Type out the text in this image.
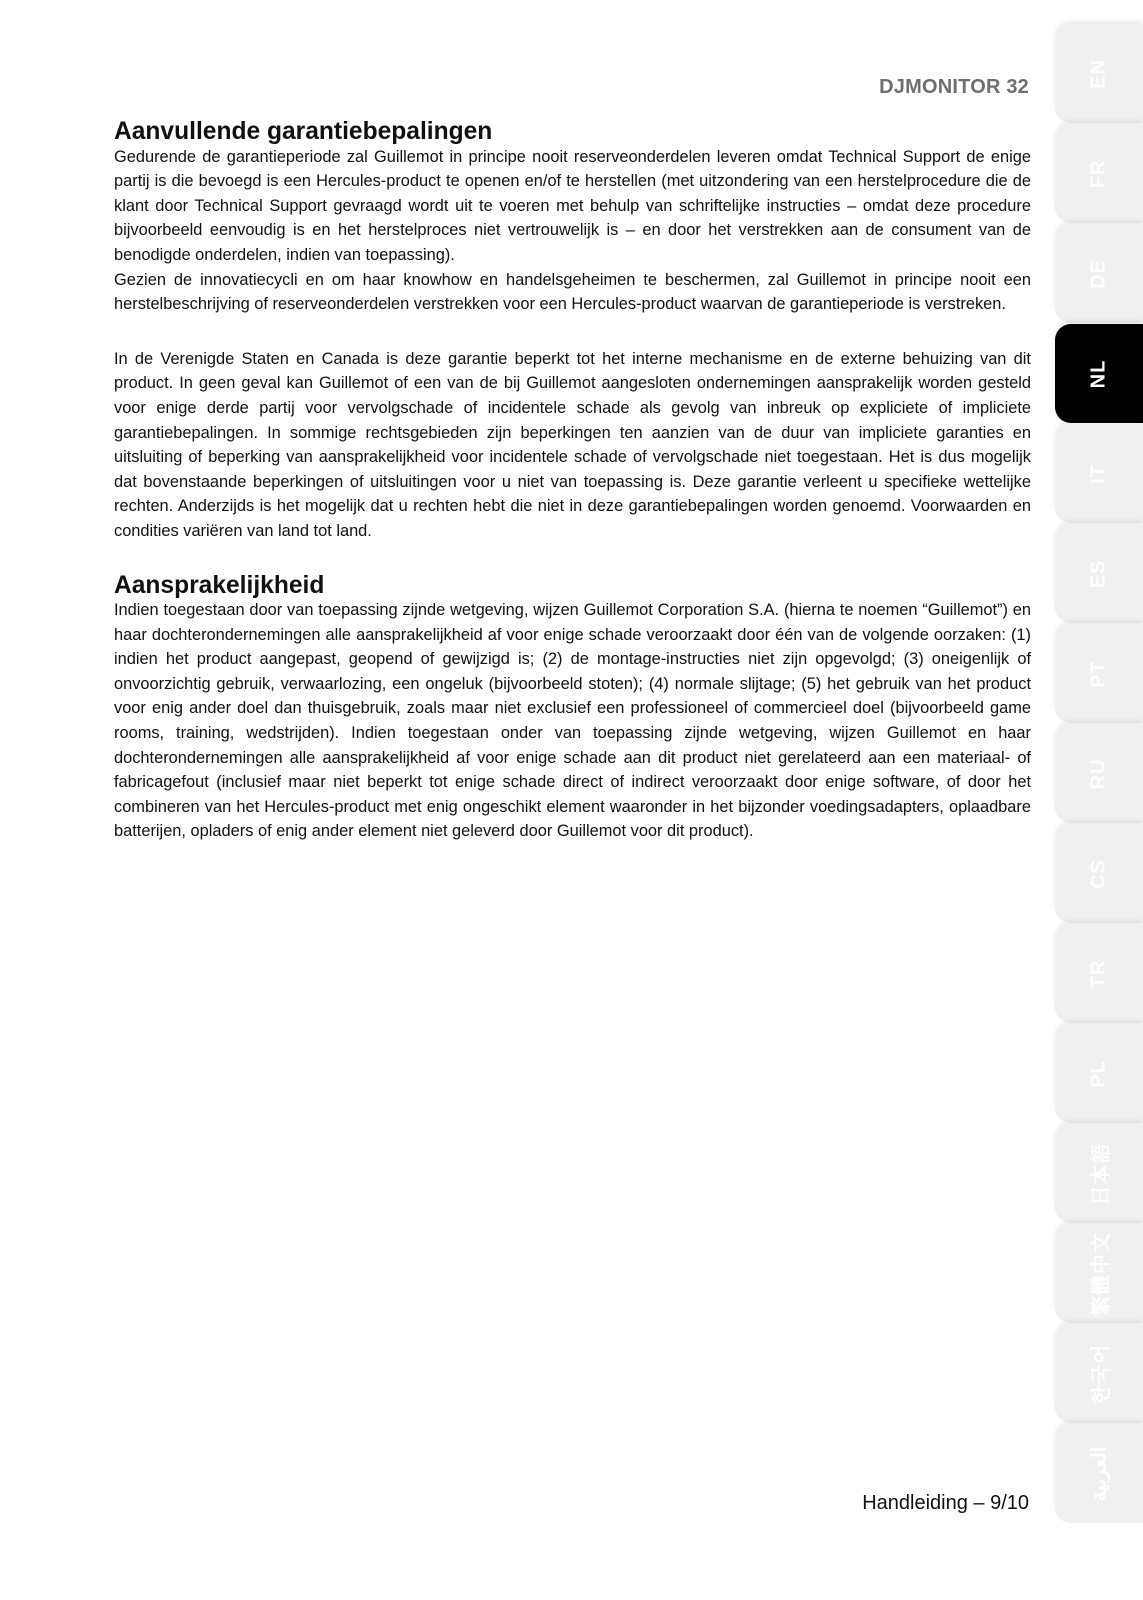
DJMONITOR 32
Aanvullende garantiebepalingen

Gedurende de garantieperiode zal Guillemot in principe nooit reserveonderdelen leveren omdat Technical Support de enige partij is die bevoegd is een Hercules-product te openen en/of te herstellen (met uitzondering van een herstelprocedure die de klant door Technical Support gevraagd wordt uit te voeren met behulp van schriftelijke instructies – omdat deze procedure bijvoorbeeld eenvoudig is en het herstelproces niet vertrouwelijk is – en door het verstrekken aan de consument van de benodigde onderdelen, indien van toepassing).

Gezien de innovatiecycli en om haar knowhow en handelsgeheimen te beschermen, zal Guillemot in principe nooit een herstelbeschrijving of reserveonderdelen verstrekken voor een Hercules-product waarvan de garantieperiode is verstreken.

In de Verenigde Staten en Canada is deze garantie beperkt tot het interne mechanisme en de externe behuizing van dit product. In geen geval kan Guillemot of een van de bij Guillemot aangesloten ondernemingen aansprakelijk worden gesteld voor enige derde partij voor vervolgschade of incidentele schade als gevolg van inbreuk op expliciete of impliciete garantiebepalingen. In sommige rechtsgebieden zijn beperkingen ten aanzien van de duur van impliciete garanties en uitsluiting of beperking van aansprakelijkheid voor incidentele schade of vervolgschade niet toegestaan. Het is dus mogelijk dat bovenstaande beperkingen of uitsluitingen voor u niet van toepassing is. Deze garantie verleent u specifieke wettelijke rechten. Anderzijds is het mogelijk dat u rechten hebt die niet in deze garantiebepalingen worden genoemd. Voorwaarden en condities variëren van land tot land.

Aansprakelijkheid

Indien toegestaan door van toepassing zijnde wetgeving, wijzen Guillemot Corporation S.A. (hierna te noemen “Guillemot”) en haar dochterondernemingen alle aansprakelijkheid af voor enige schade veroorzaakt door één van de volgende oorzaken: (1) indien het product aangepast, geopend of gewijzigd is; (2) de montage-instructies niet zijn opgevolgd; (3) oneigenlijk of onvoorzichtig gebruik, verwaarlozing, een ongeluk (bijvoorbeeld stoten); (4) normale slijtage; (5) het gebruik van het product voor enig ander doel dan thuisgebruik, zoals maar niet exclusief een professioneel of commercieel doel (bijvoorbeeld game rooms, training, wedstrijden). Indien toegestaan onder van toepassing zijnde wetgeving, wijzen Guillemot en haar dochterondernemingen alle aansprakelijkheid af voor enige schade aan dit product niet gerelateerd aan een materiaal- of fabricagefout (inclusief maar niet beperkt tot enige schade direct of indirect veroorzaakt door enige software, of door het combineren van het Hercules-product met enig ongeschikt element waaronder in het bijzonder voedingsadapters, oplaadbare batterijen, opladers of enig ander element niet geleverd door Guillemot voor dit product).

Handleiding – 9/10
EN
FR
DE
NL
IT
ES
PT
RU
CS
TR
PL
日本語
繁體中文
한국어
العربية
